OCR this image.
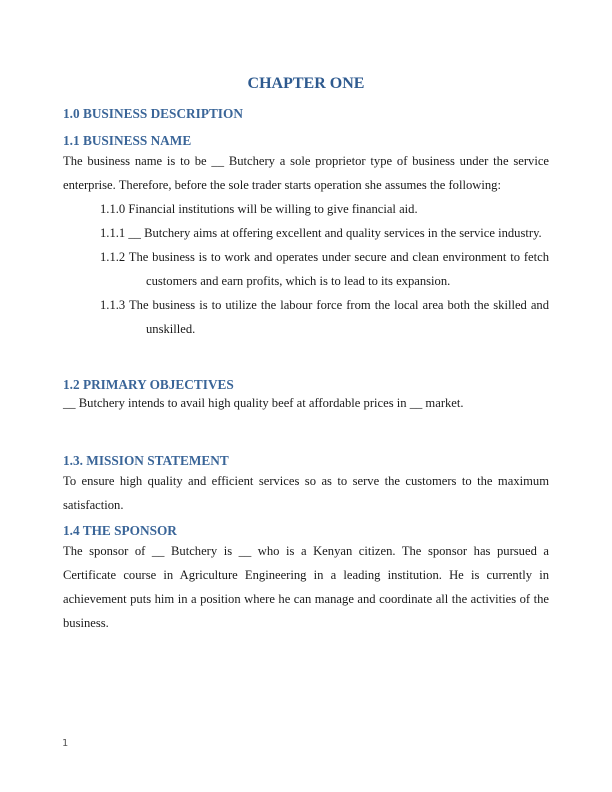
CHAPTER ONE
1.0 BUSINESS DESCRIPTION
1.1 BUSINESS NAME

The business name is to be __ Butchery a sole proprietor type of business under the service enterprise. Therefore, before the sole trader starts operation she assumes the following:

1.1.0 Financial institutions will be willing to give financial aid.
1.1.1 __ Butchery aims at offering excellent and quality services in the service industry.
1.1.2 The business is to work and operates under secure and clean environment to fetch customers and earn profits, which is to lead to its expansion.
1.1.3 The business is to utilize the labour force from the local area both the skilled and unskilled.
1.2 PRIMARY OBJECTIVES

__ Butchery intends to avail high quality beef at affordable prices in __ market.

1.3. MISSION STATEMENT

To ensure high quality and efficient services so as to serve the customers to the maximum satisfaction.

1.4 THE SPONSOR

The sponsor of __ Butchery is __ who is a Kenyan citizen. The sponsor has pursued a Certificate course in Agriculture Engineering in a leading institution. He is currently in achievement puts him in a position where he can manage and coordinate all the activities of the business.

1
